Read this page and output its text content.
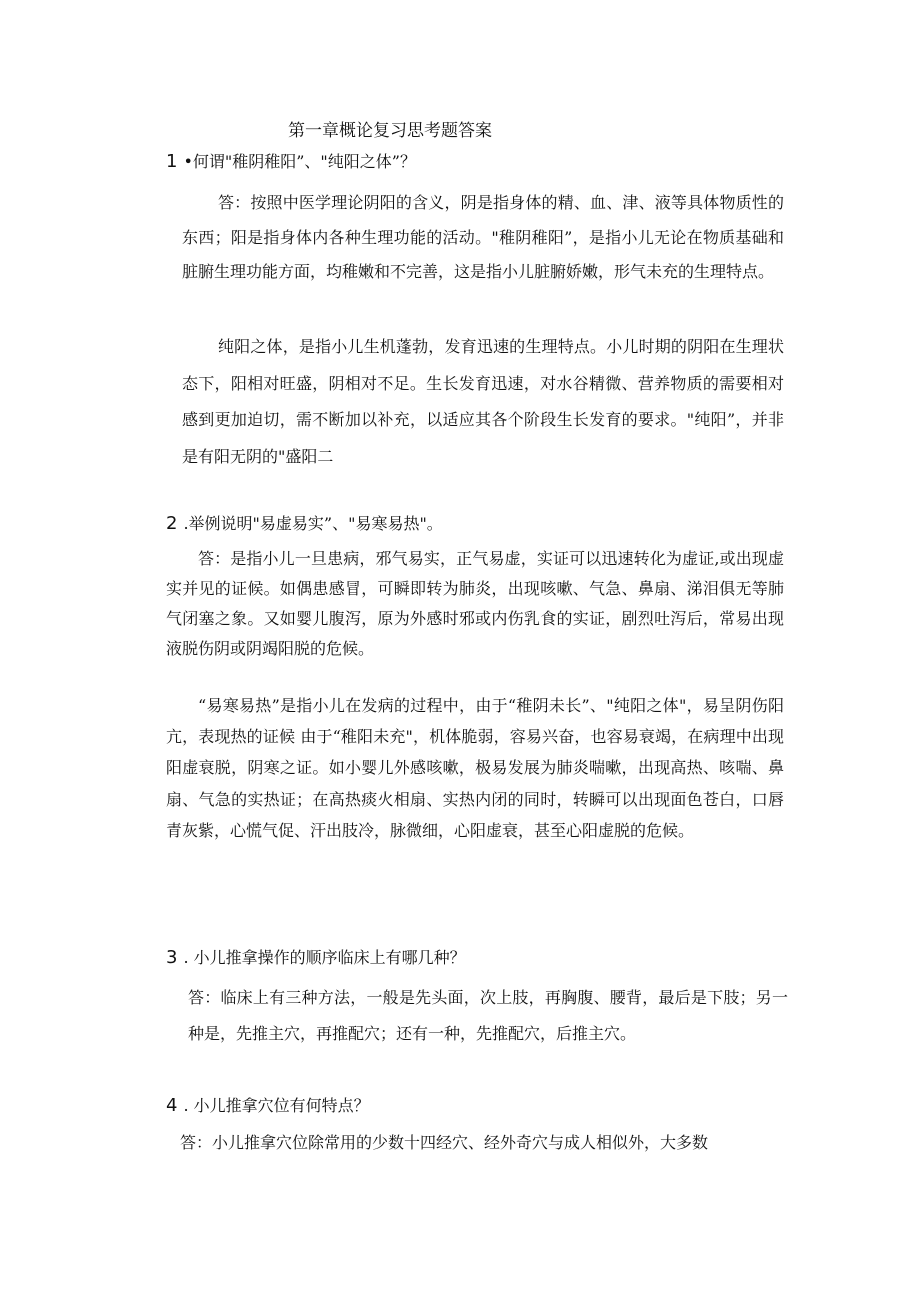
第一章概论复习思考题答案
1 •何谓"稚阴稚阳”、"纯阳之体”？
答：按照中医学理论阴阳的含义，阴是指身体的精、血、津、液等具体物质性的东西；阳是指身体内各种生理功能的活动。"稚阴稚阳”，是指小儿无论在物质基础和脏腑生理功能方面，均稚嫩和不完善，这是指小儿脏腑娇嫩，形气未充的生理特点。
纯阳之体，是指小儿生机蓬勃，发育迅速的生理特点。小儿时期的阴阳在生理状态下，阳相对旺盛，阴相对不足。生长发育迅速，对水谷精微、营养物质的需要相对感到更加迫切，需不断加以补充，以适应其各个阶段生长发育的要求。"纯阳”，并非是有阳无阴的"盛阳二
2 .举例说明"易虚易实”、"易寒易热"。
答：是指小儿一旦患病，邪气易实，正气易虚，实证可以迅速转化为虚证,或出现虚实并见的证候。如偶患感冒，可瞬即转为肺炎，出现咳嗽、气急、鼻扇、涕泪俱无等肺气闭塞之象。又如婴儿腹泻，原为外感时邪或内伤乳食的实证，剧烈吐泻后，常易出现液脱伤阴或阴竭阳脱的危候。
“易寒易热”是指小儿在发病的过程中，由于“稚阴未长”、"纯阳之体"，易呈阴伤阳亢，表现热的证候 由于“稚阳未充"，机体脆弱，容易兴奋，也容易衰竭，在病理中出现阳虚衰脱，阴寒之证。如小婴儿外感咳嗽，极易发展为肺炎喘嗽，出现高热、咳喘、鼻扇、气急的实热证；在高热痰火相扇、实热内闭的同时，转瞬可以出现面色苍白，口唇青灰紫，心慌气促、汗出肢冷，脉微细，心阳虚衰，甚至心阳虚脱的危候。
3 . 小儿推拿操作的顺序临床上有哪几种？
答：临床上有三种方法，一般是先头面，次上肢，再胸腹、腰背，最后是下肢；另一种是，先推主穴，再推配穴；还有一种，先推配穴，后推主穴。
4 . 小儿推拿穴位有何特点？
答：小儿推拿穴位除常用的少数十四经穴、经外奇穴与成人相似外，大多数
